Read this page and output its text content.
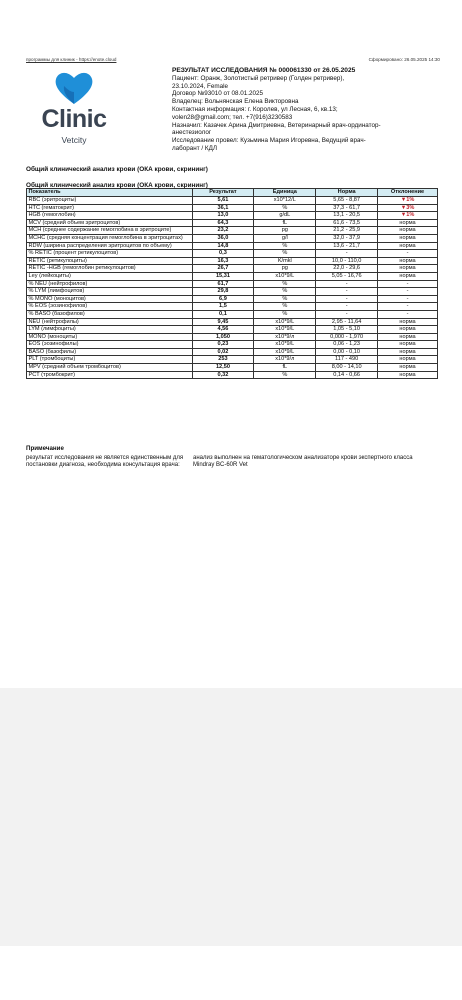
программы для клиник - https://enote.cloud	Сформировано: 26.05.2025 14:30
Clinic
Vetcity
РЕЗУЛЬТАТ ИССЛЕДОВАНИЯ № 000061330 от 26.05.2025
Пациент: Оранж, Золотистый ретривер (Голден ретривер),
23.10.2024, Female
Договор №93010 от 08.01.2025
Владелец: Вольнянская Елена Викторовна
Контактная информация: г. Королев, ул Лесная, 6, кв.13;
volen28@gmail.com; тел. +7(916)3230583
Назначил: Казачек Арина Дмитриевна, Ветеринарный врач-ординатор-
анестезиолог
Исследование провел: Кузьмина Мария Игоревна, Ведущий врач-
лаборант / КДЛ
Общий клинический анализ крови (ОКА крови, скрининг)
Общий клинический анализ крови (ОКА крови, скрининг)
Показатель	Результат	Единица	Норма	Отклонение
RBC (эритроциты)	5,61	x10*12/L	5,65 - 8,87	▼1%
HTC (гематокрит)	36,1	%	37,3 - 61,7	▼3%
HGB (гемоглобин)	13,0	g/dL	13,1 - 20,5	▼1%
MCV (средний объем эритроцитов)	64,3	fL	61,6 - 73,5	норма
MCH (среднее содержание гемоглобина в эритроците)	23,2	pg	21,2 - 25,9	норма
MCHC (средняя концентрация гемоглобина в эритроцитах)	36,0	g/l	32,0 - 37,9	норма
RDW (ширина распределения эритроцитов по объему)	14,8	%	13,6 - 21,7	норма
% RETIC (процент ретикулоцитов)	0,3	%	-	-
RETIC (ретикулоциты)	16,3	K/mkl	10,0 - 110,0	норма
RETIC -HGB (гемоглобин ретикулоцитов)	26,7	pg	22,0 - 29,6	норма
Ley (лейкоциты)	15,31	x10*9/L	5,05 - 16,76	норма
% NEU (нейтрофилов)	61,7	%	-	-
% LYM (лимфоцитов)	29,8	%	-	-
% MONO (моноцитов)	6,9	%	-	-
% EOS (эозинофилов)	1,5	%	-	-
% BASO (базофилов)	0,1	%	-	-
NEU (нейтрофилы)	9,45	x10*9/L	2,95 - 11,64	норма
LYM (лимфоциты)	4,56	x10*9/L	1,05 - 5,10	норма
MONO (моноциты)	1,050	x10*9/л	0,000 - 1,970	норма
EOS (эозинофилы)	0,23	x10*9/L	0,06 - 1,23	норма
BASO (базофилы)	0,02	x10*9/L	0,00 - 0,10	норма
PLT (тромбоциты)	253	x10*9/л	117 - 490	норма
MPV (средний объем тромбоцитов)	12,50	fL	8,00 - 14,10	норма
PCT (тромбокрит)	0,32	%	0,14 - 0,66	норма
Примечание
результат исследования не является единственным для постановки диагноза, необходима консультация врача:
анализ выполнен на гематологическом анализаторе крови экспертного класса Mindray BC-60R Vet
